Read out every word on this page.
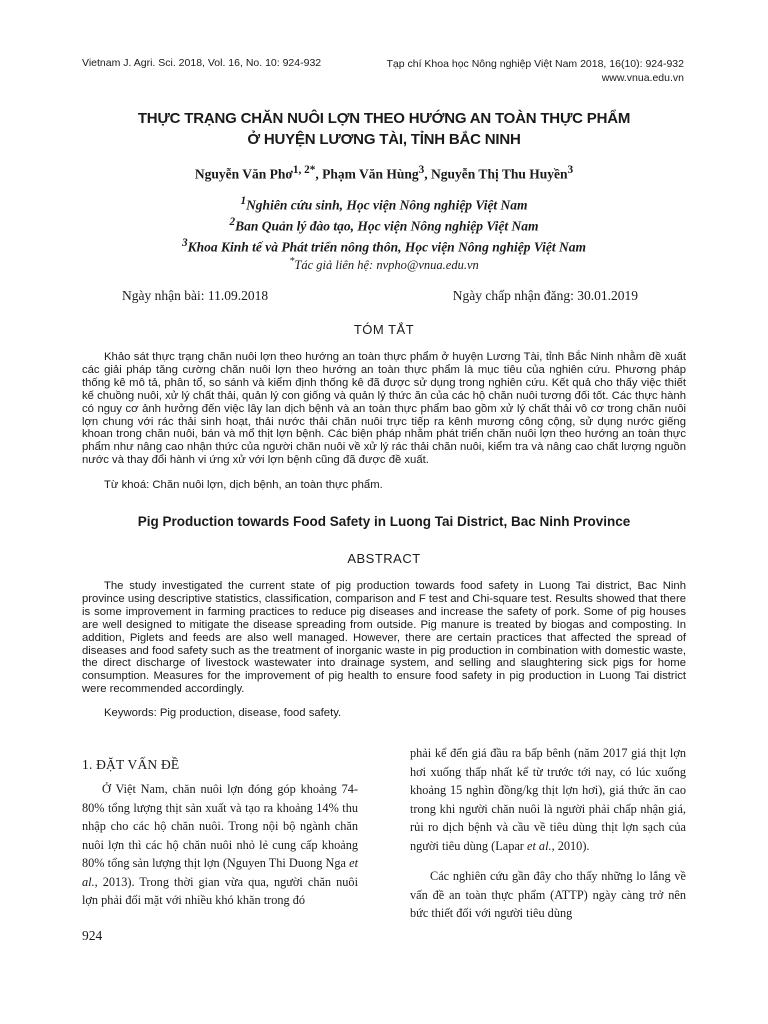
Vietnam J. Agri. Sci. 2018, Vol. 16, No. 10: 924-932	Tạp chí Khoa học Nông nghiệp Việt Nam 2018, 16(10): 924-932
www.vnua.edu.vn
THỰC TRẠNG CHĂN NUÔI LỢN THEO HƯỚNG AN TOÀN THỰC PHẨM
Ở HUYỆN LƯƠNG TÀI, TỈNH BẮC NINH
Nguyễn Văn Phơ$^{1, 2*}$, Phạm Văn Hùng$^3$, Nguyễn Thị Thu Huyền$^3$
$^1$Nghiên cứu sinh, Học viện Nông nghiệp Việt Nam
$^2$Ban Quản lý đào tạo, Học viện Nông nghiệp Việt Nam
$^3$Khoa Kinh tế và Phát triển nông thôn, Học viện Nông nghiệp Việt Nam
*Tác giả liên hệ: nvpho@vnua.edu.vn
Ngày nhận bài: 11.09.2018	Ngày chấp nhận đăng: 30.01.2019
TÓM TẮT

Khảo sát thực trạng chăn nuôi lợn theo hướng an toàn thực phẩm ở huyện Lương Tài, tỉnh Bắc Ninh nhằm đề xuất các giải pháp tăng cường chăn nuôi lợn theo hướng an toàn thực phẩm là mục tiêu của nghiên cứu. Phương pháp thống kê mô tả, phân tổ, so sánh và kiểm định thống kê đã được sử dụng trong nghiên cứu. Kết quả cho thấy việc thiết kế chuồng nuôi, xử lý chất thải, quản lý con giống và quản lý thức ăn của các hộ chăn nuôi tương đối tốt. Các thực hành có nguy cơ ảnh hưởng đến việc lây lan dịch bệnh và an toàn thực phẩm bao gồm xử lý chất thải vô cơ trong chăn nuôi lợn chung với rác thải sinh hoạt, thải nước thải chăn nuôi trực tiếp ra kênh mương công cộng, sử dụng nước giếng khoan trong chăn nuôi, bán và mổ thịt lợn bệnh. Các biện pháp nhằm phát triển chăn nuôi lợn theo hướng an toàn thực phẩm như nâng cao nhận thức của người chăn nuôi về xử lý rác thải chăn nuôi, kiểm tra và nâng cao chất lượng nguồn nước và thay đổi hành vi ứng xử với lợn bệnh cũng đã được đề xuất.

Từ khoá: Chăn nuôi lợn, dịch bệnh, an toàn thực phẩm.
Pig Production towards Food Safety in Luong Tai District, Bac Ninh Province
ABSTRACT

The study investigated the current state of pig production towards food safety in Luong Tai district, Bac Ninh province using descriptive statistics, classification, comparison and F test and Chi-square test. Results showed that there is some improvement in farming practices to reduce pig diseases and increase the safety of pork. Some of pig houses are well designed to mitigate the disease spreading from outside. Pig manure is treated by biogas and composting. In addition, Piglets and feeds are also well managed. However, there are certain practices that affected the spread of diseases and food safety such as the treatment of inorganic waste in pig production in combination with domestic waste, the direct discharge of livestock wastewater into drainage system, and selling and slaughtering sick pigs for home consumption. Measures for the improvement of pig health to ensure food safety in pig production in Luong Tai district were recommended accordingly.

Keywords: Pig production, disease, food safety.
1. ĐẶT VẤN ĐỀ

Ở Việt Nam, chăn nuôi lợn đóng góp khoảng 74-80% tổng lượng thịt sản xuất và tạo ra khoảng 14% thu nhập cho các hộ chăn nuôi. Trong nội bộ ngành chăn nuôi lợn thì các hộ chăn nuôi nhỏ lẻ cung cấp khoảng 80% tổng sản lượng thịt lợn (Nguyen Thi Duong Nga et al., 2013). Trong thời gian vừa qua, người chăn nuôi lợn phải đối mặt với nhiều khó khăn trong đó

phải kể đến giá đầu ra bấp bênh (năm 2017 giá thịt lợn hơi xuống thấp nhất kể từ trước tới nay, có lúc xuống khoảng 15 nghìn đồng/kg thịt lợn hơi), giá thức ăn cao trong khi người chăn nuôi là người phải chấp nhận giá, rủi ro dịch bệnh và cầu về tiêu dùng thịt lợn sạch của người tiêu dùng (Lapar et al., 2010).

Các nghiên cứu gần đây cho thấy những lo lắng về vấn đề an toàn thực phẩm (ATTP) ngày càng trở nên bức thiết đối với người tiêu dùng

924
